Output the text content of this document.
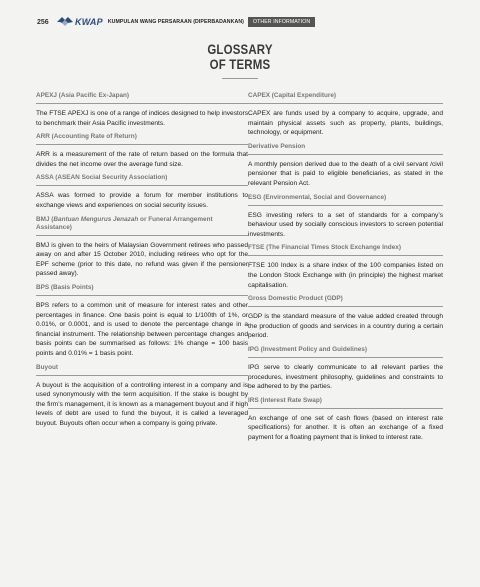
256	KWAP KUMPULAN WANG PERSARAAN (DIPERBADANKAN)	OTHER INFORMATION
GLOSSARY
OF TERMS
APEXJ (Asia Pacific Ex-Japan)
The FTSE APEXJ is one of a range of indices designed to help investors to benchmark their Asia Pacific investments.
ARR (Accounting Rate of Return)
ARR is a measurement of the rate of return based on the formula that divides the net income over the average fund size.
ASSA (ASEAN Social Security Association)
ASSA was formed to provide a forum for member institutions to exchange views and experiences on social security issues.
BMJ (Bantuan Mengurus Jenazah or Funeral Arrangement Assistance)
BMJ is given to the heirs of Malaysian Government retirees who passed away on and after 15 October 2010, including retirees who opt for the EPF scheme (prior to this date, no refund was given if the pensioner passed away).
BPS (Basis Points)
BPS refers to a common unit of measure for interest rates and other percentages in finance. One basis point is equal to 1/100th of 1%, or 0.01%, or 0.0001, and is used to denote the percentage change in a financial instrument. The relationship between percentage changes and basis points can be summarised as follows: 1% change = 100 basis points and 0.01% = 1 basis point.
Buyout
A buyout is the acquisition of a controlling interest in a company and is used synonymously with the term acquisition. If the stake is bought by the firm’s management, it is known as a management buyout and if high levels of debt are used to fund the buyout, it is called a leveraged buyout. Buyouts often occur when a company is going private.
CAPEX (Capital Expenditure)
CAPEX are funds used by a company to acquire, upgrade, and maintain physical assets such as property, plants, buildings, technology, or equipment.
Derivative Pension
A monthly pension derived due to the death of a civil servant /civil pensioner that is paid to eligible beneficiaries, as stated in the relevant Pension Act.
ESG (Environmental, Social and Governance)
ESG investing refers to a set of standards for a company’s behaviour used by socially conscious investors to screen potential investments.
FTSE (The Financial Times Stock Exchange Index)
FTSE 100 Index is a share index of the 100 companies listed on the London Stock Exchange with (in principle) the highest market capitalisation.
Gross Domestic Product (GDP)
GDP is the standard measure of the value added created through the production of goods and services in a country during a certain period.
IPG (Investment Policy and Guidelines)
IPG serve to clearly communicate to all relevant parties the procedures, investment philosophy, guidelines and constraints to be adhered to by the parties.
IRS (Interest Rate Swap)
An exchange of one set of cash flows (based on interest rate specifications) for another. It is often an exchange of a fixed payment for a floating payment that is linked to interest rate.
